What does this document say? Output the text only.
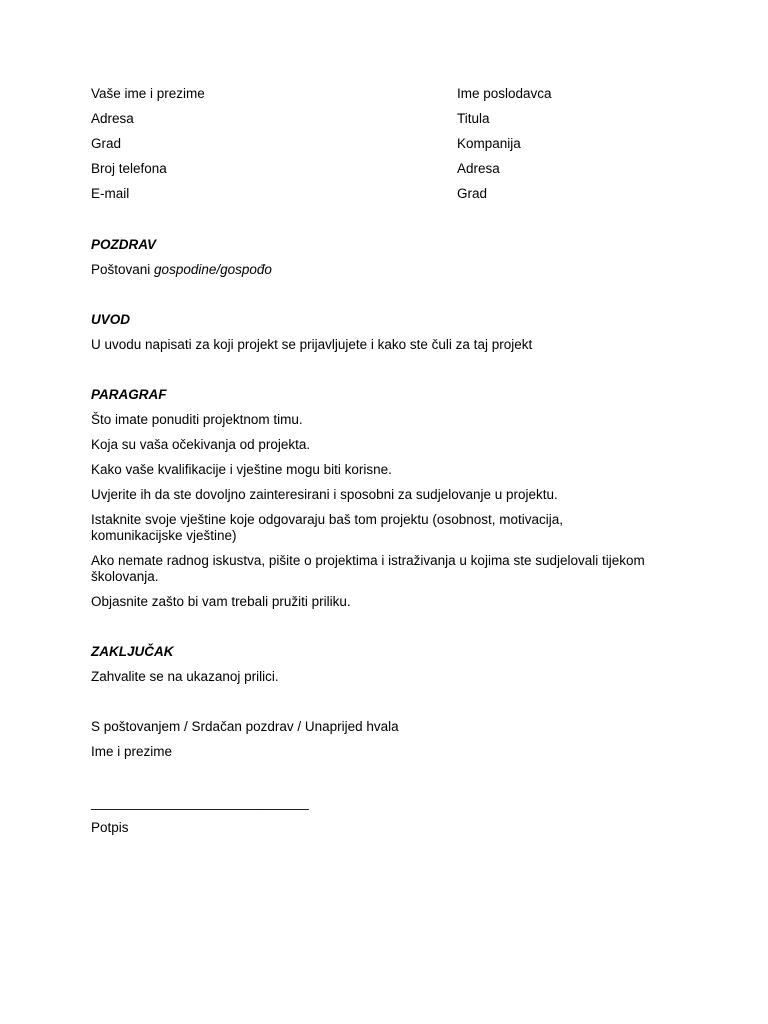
Vaše ime i prezime
Adresa
Grad
Broj telefona
E-mail
Ime poslodavca
Titula
Kompanija
Adresa
Grad
POZDRAV
Poštovani gospodine/gospođo
UVOD
U uvodu napisati za koji projekt se prijavljujete i kako ste čuli za taj projekt
PARAGRAF
Što imate ponuditi projektnom timu.
Koja su vaša očekivanja od projekta.
Kako vaše kvalifikacije i vještine mogu biti korisne.
Uvjerite ih da ste dovoljno zainteresirani i sposobni za sudjelovanje u projektu.
Istaknite svoje vještine koje odgovaraju baš tom projektu (osobnost, motivacija, komunikacijske vještine)
Ako nemate radnog iskustva, pišite o projektima i istraživanja u kojima ste sudjelovali tijekom školovanja.
Objasnite zašto bi vam trebali pružiti priliku.
ZAKLJUČAK
Zahvalite se na ukazanoj prilici.
S poštovanjem / Srdačan pozdrav / Unaprijed hvala
Ime i prezime
_____________________________
Potpis
